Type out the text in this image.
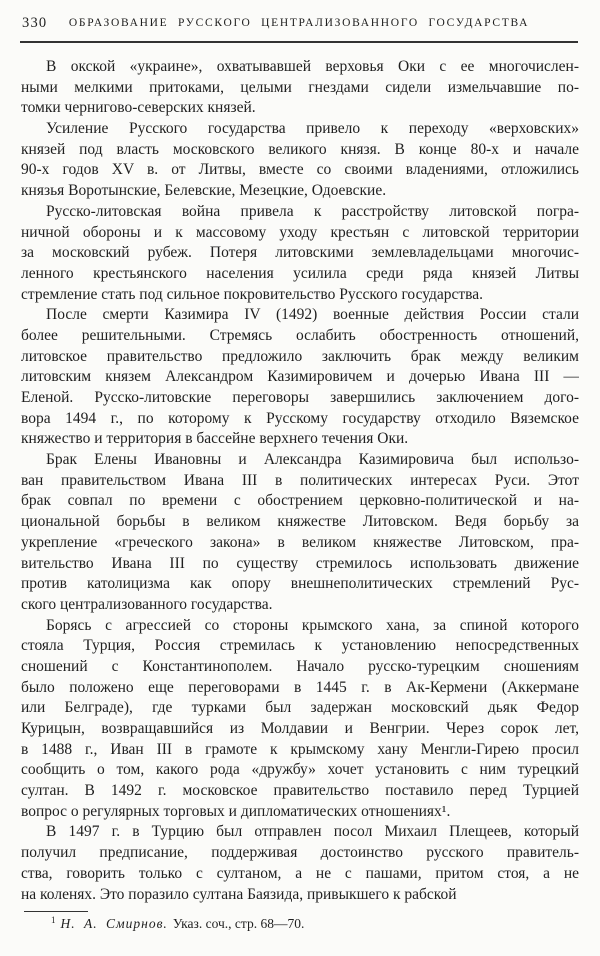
330	ОБРАЗОВАНИЕ РУССКОГО ЦЕНТРАЛИЗОВАННОГО ГОСУДАРСТВА
В окской «украине», охватывавшей верховья Оки с ее многочислен-
ными мелкими притоками, целыми гнездами сидели измельчавшие по-
томки чернигово-северских князей.
Усиление Русского государства привело к переходу «верховских»
князей под власть московского великого князя. В конце 80-х и начале
90-х годов XV в. от Литвы, вместе со своими владениями, отложились
князья Воротынские, Белевские, Мезецкие, Одоевские.
Русско-литовская война привела к расстройству литовской погра-
ничной обороны и к массовому уходу крестьян с литовской территории
за московский рубеж. Потеря литовскими землевладельцами многочис-
ленного крестьянского населения усилила среди ряда князей Литвы
стремление стать под сильное покровительство Русского государства.
После смерти Казимира IV (1492) военные действия России стали
более решительными. Стремясь ослабить обостренность отношений,
литовское правительство предложило заключить брак между великим
литовским князем Александром Казимировичем и дочерью Ивана III —
Еленой. Русско-литовские переговоры завершились заключением дого-
вора 1494 г., по которому к Русскому государству отходило Вяземское
княжество и территория в бассейне верхнего течения Оки.
Брак Елены Ивановны и Александра Казимировича был использо-
ван правительством Ивана III в политических интересах Руси. Этот
брак совпал по времени с обострением церковно-политической и на-
циональной борьбы в великом княжестве Литовском. Ведя борьбу за
укрепление «греческого закона» в великом княжестве Литовском, пра-
вительство Ивана III по существу стремилось использовать движение
против католицизма как опору внешнеполитических стремлений Рус-
ского централизованного государства.
Борясь с агрессией со стороны крымского хана, за спиной которого
стояла Турция, Россия стремилась к установлению непосредственных
сношений с Константинополем. Начало русско-турецким сношениям
было положено еще переговорами в 1445 г. в Ак-Кермени (Аккермане
или Белграде), где турками был задержан московский дьяк Федор
Курицын, возвращавшийся из Молдавии и Венгрии. Через сорок лет,
в 1488 г., Иван III в грамоте к крымскому хану Менгли-Гирею просил
сообщить о том, какого рода «дружбу» хочет установить с ним турецкий
султан. В 1492 г. московское правительство поставило перед Турцией
вопрос о регулярных торговых и дипломатических отношениях¹.
В 1497 г. в Турцию был отправлен посол Михаил Плещеев, который
получил предписание, поддерживая достоинство русского правитель-
ства, говорить только с султаном, а не с пашами, притом стоя, а не
на коленях. Это поразило султана Баязида, привыкшего к рабской
$^1$ Н. А. Смирнов. Указ. соч., стр. 68—70.
